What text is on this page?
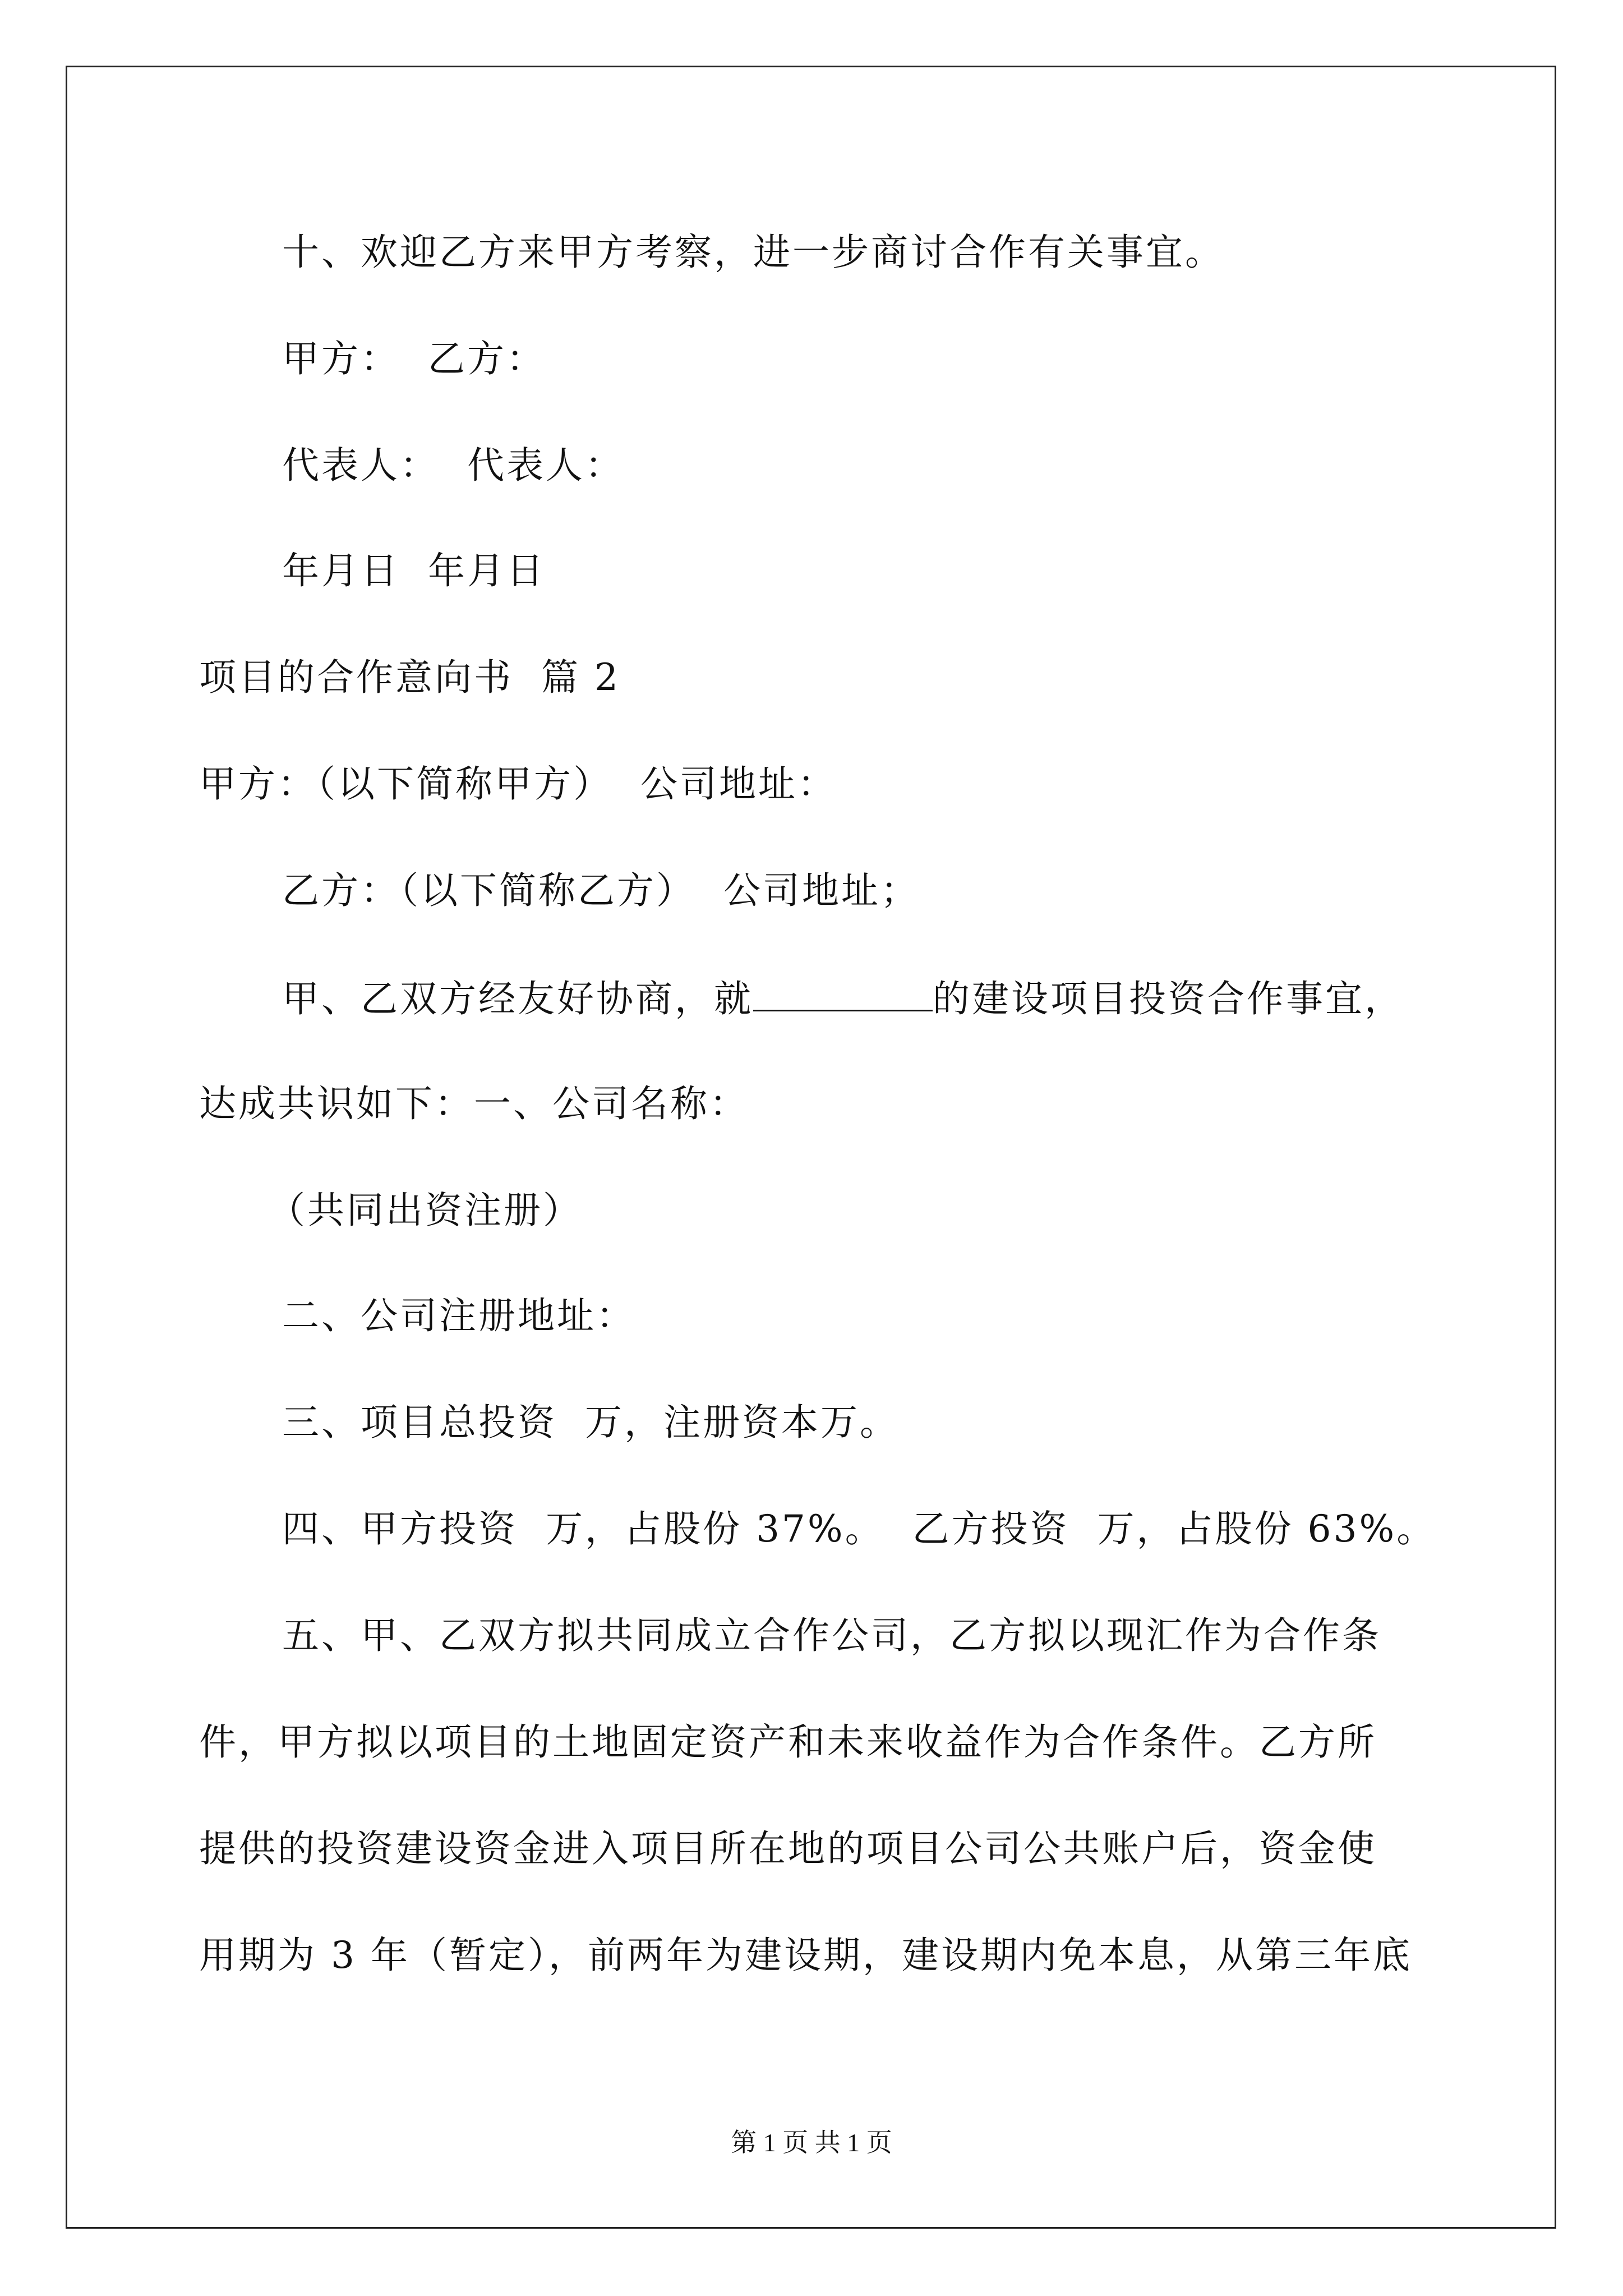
十、欢迎乙方来甲方考察，进一步商讨合作有关事宜。
甲方：  乙方：
代表人：  代表人：
年月日  年月日
项目的合作意向书  篇 2
甲方：（以下简称甲方）  公司地址：
乙方：（以下简称乙方）  公司地址；
甲、乙双方经友好协商，就	的建设项目投资合作事宜，
达成共识如下：一、公司名称：
（共同出资注册）
二、公司注册地址：
三、项目总投资  万，注册资本万。
四、甲方投资  万，占股份 37%。  乙方投资  万，占股份 63%。
五、甲、乙双方拟共同成立合作公司，乙方拟以现汇作为合作条
件，甲方拟以项目的土地固定资产和未来收益作为合作条件。乙方所
提供的投资建设资金进入项目所在地的项目公司公共账户后，资金使
用期为 3 年（暂定），前两年为建设期，建设期内免本息，从第三年底
第 1 页 共 1 页
